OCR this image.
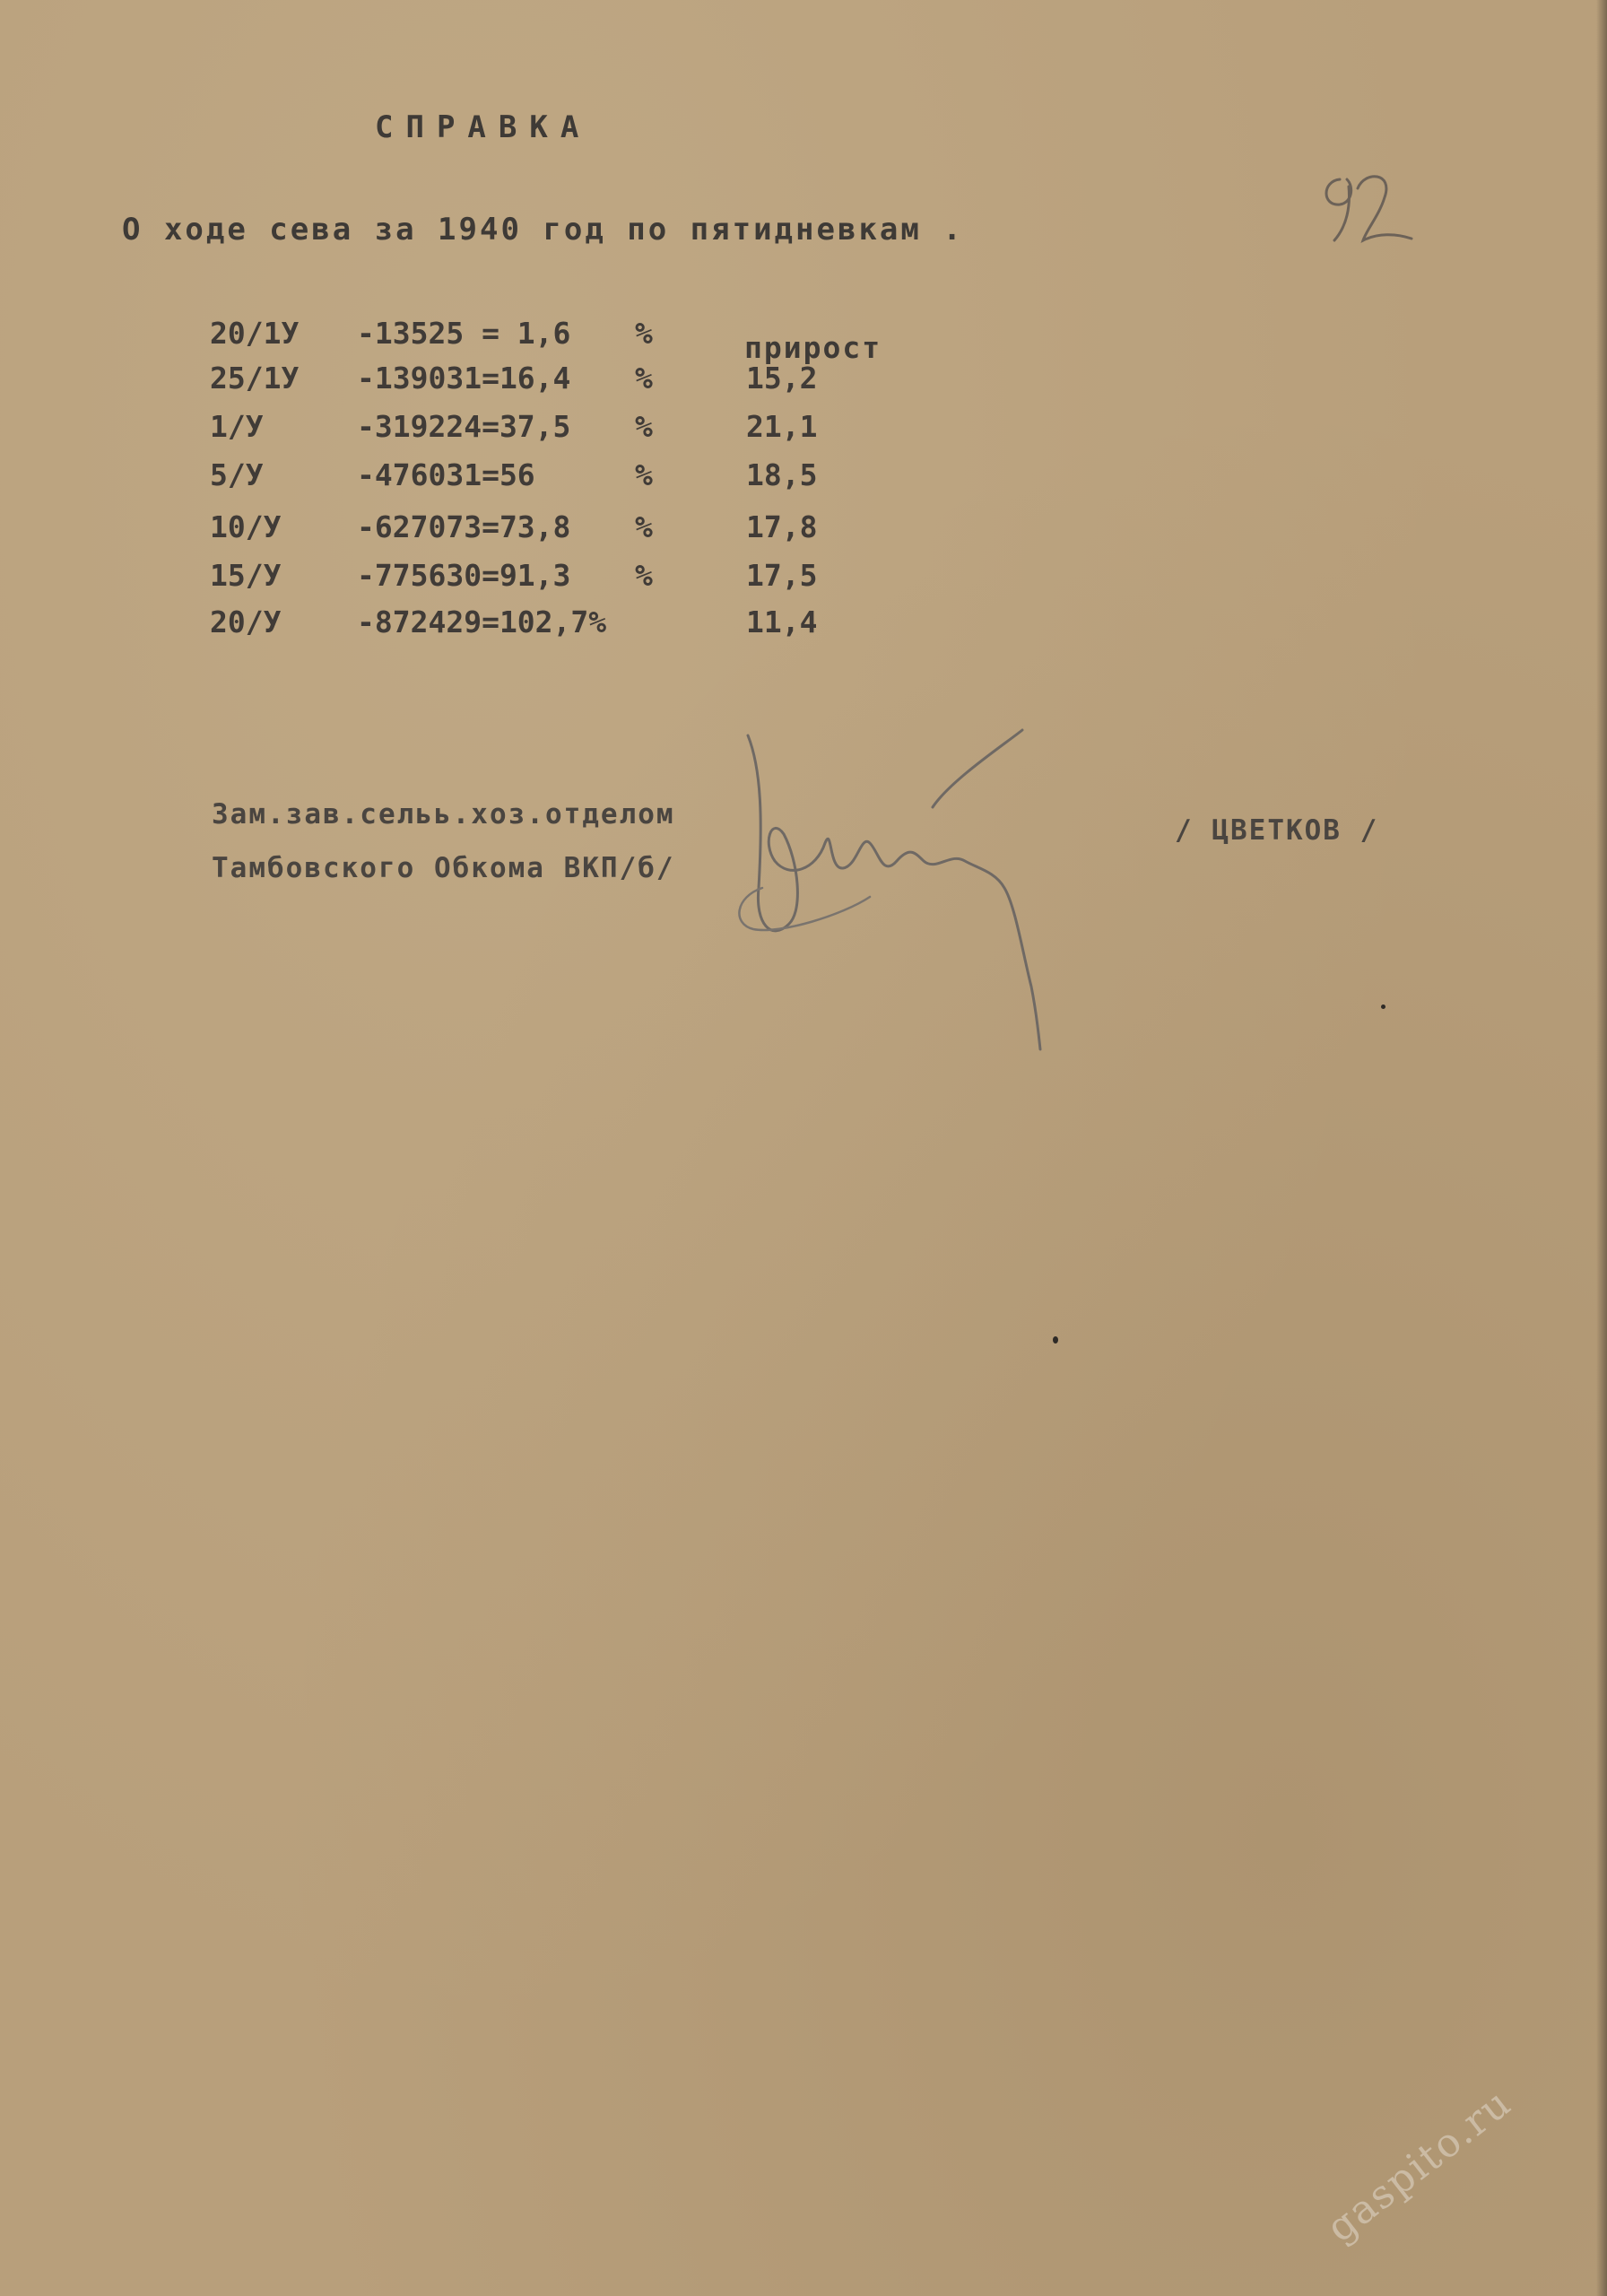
СПРАВКА
О ходе сева за 1940 год по пятидневкам .
прирост
20/1У -13525 = 1,6 %
25/1У -139031=16,4 %	15,2
1/У	-319224=37,5 %	21,1
5/У	-476031=56	%	18,5
10/У	-627073=73,8 %	17,8
15/У	-775630=91,3 %	17,5
20/У	-872429=102,7%	11,4
Зам.зав.сельь.хоз.отделом
Тамбовского Обкома ВКП/б/
/ ЦВЕТКОВ /
gaspito.ru
